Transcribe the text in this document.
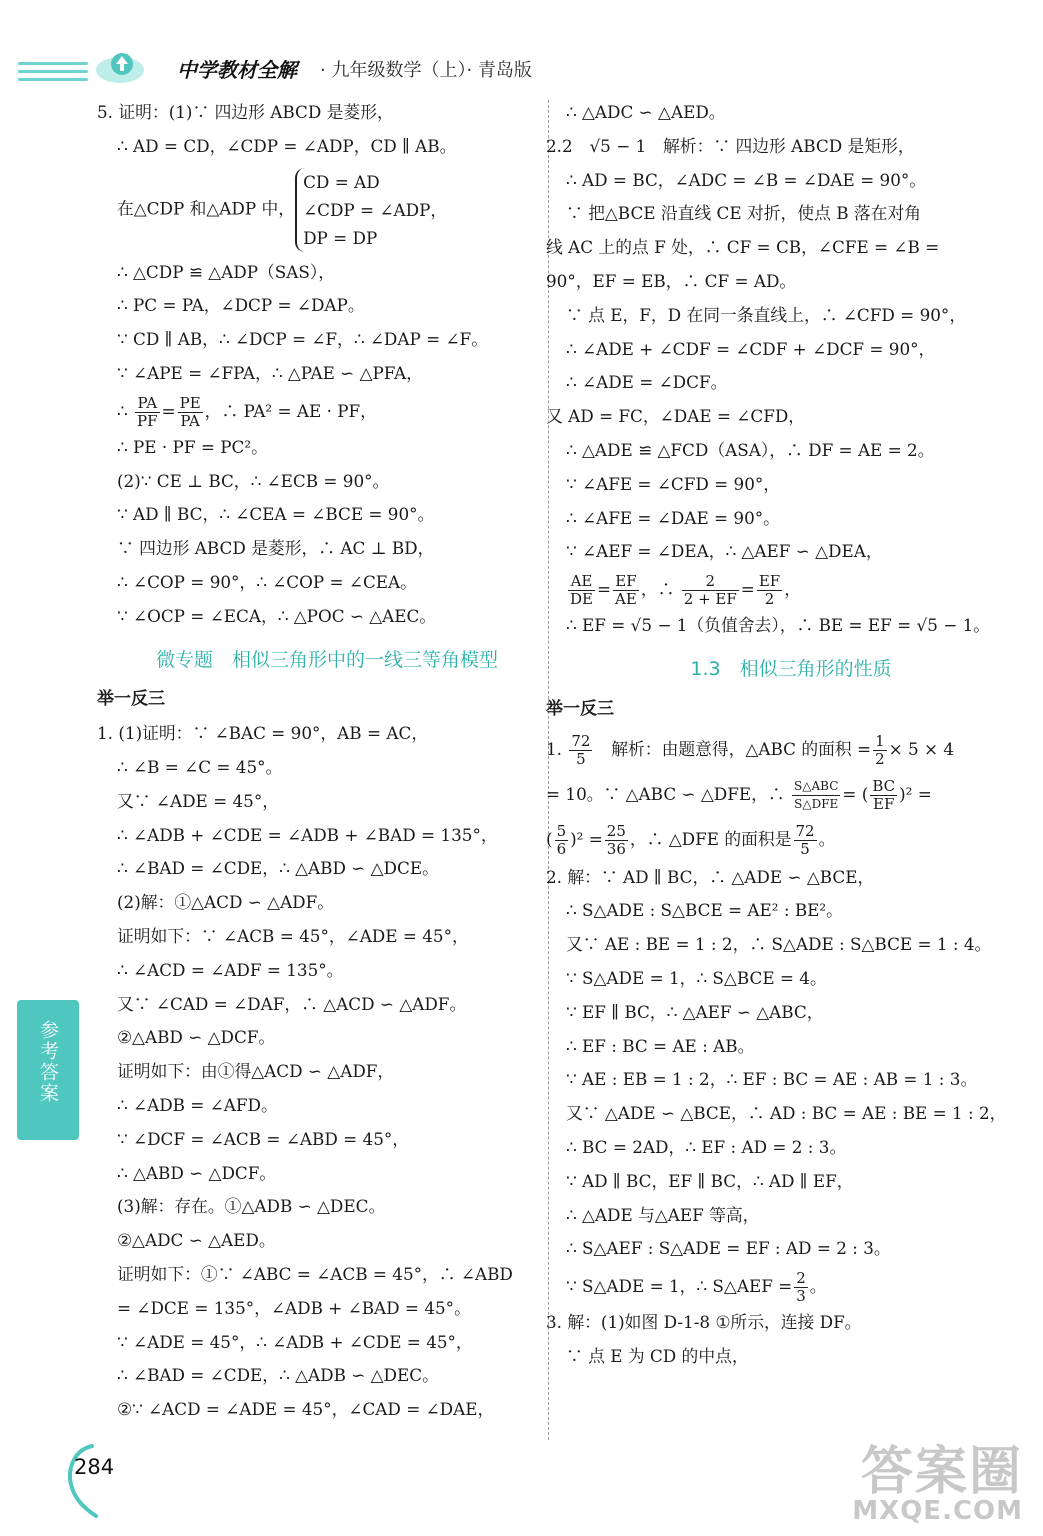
中学教材全解 · 九年级数学（上）· 青岛版
5. 证明：(1)∵ 四边形 ABCD 是菱形，
∴ AD = CD，∠CDP = ∠ADP，CD ∥ AB。
在△CDP 和△ADP 中，
CD = AD
∠CDP = ∠ADP，
DP = DP
∴ △CDP ≌ △ADP（SAS），
∴ PC = PA，∠DCP = ∠DAP。
∵ CD ∥ AB，∴ ∠DCP = ∠F，∴ ∠DAP = ∠F。
∵ ∠APE = ∠FPA，∴ △PAE ∽ △PFA，
∴ $\frac{PA}{PF} = \frac{PE}{PA}$ ，∴ PA² = AE · PF，
∴ PE · PF = PC²。
(2)∵ CE ⊥ BC，∴ ∠ECB = 90°。
∵ AD ∥ BC，∴ ∠CEA = ∠BCE = 90°。
∵ 四边形 ABCD 是菱形，∴ AC ⊥ BD，
∴ ∠COP = 90°，∴ ∠COP = ∠CEA。
∵ ∠OCP = ∠ECA，∴ △POC ∽ △AEC。
微专题　相似三角形中的一线三等角模型
举一反三
1. (1)证明：∵ ∠BAC = 90°，AB = AC，
∴ ∠B = ∠C = 45°。
又∵ ∠ADE = 45°，
∴ ∠ADB + ∠CDE = ∠ADB + ∠BAD = 135°，
∴ ∠BAD = ∠CDE，∴ △ABD ∽ △DCE。
(2)解：①△ACD ∽ △ADF。
证明如下：∵ ∠ACB = 45°，∠ADE = 45°，
∴ ∠ACD = ∠ADF = 135°。
又∵ ∠CAD = ∠DAF，∴ △ACD ∽ △ADF。
②△ABD ∽ △DCF。
证明如下：由①得△ACD ∽ △ADF，
∴ ∠ADB = ∠AFD。
∵ ∠DCF = ∠ACB = ∠ABD = 45°，
∴ △ABD ∽ △DCF。
(3)解：存在。①△ADB ∽ △DEC。
②△ADC ∽ △AED。
证明如下：①∵ ∠ABC = ∠ACB = 45°，∴ ∠ABD
= ∠DCE = 135°，∠ADB + ∠BAD = 45°。
∵ ∠ADE = 45°，∴ ∠ADB + ∠CDE = 45°，
∴ ∠BAD = ∠CDE，∴ △ADB ∽ △DEC。
②∵ ∠ACD = ∠ADE = 45°，∠CAD = ∠DAE，
∴ △ADC ∽ △AED。
2.2　√5 − 1　解析：∵ 四边形 ABCD 是矩形，
∴ AD = BC，∠ADC = ∠B = ∠DAE = 90°。
∵ 把△BCE 沿直线 CE 对折，使点 B 落在对角
线 AC 上的点 F 处，∴ CF = CB，∠CFE = ∠B =
90°，EF = EB，∴ CF = AD。
∵ 点 E，F，D 在同一条直线上，∴ ∠CFD = 90°，
∴ ∠ADE + ∠CDF = ∠CDF + ∠DCF = 90°，
∴ ∠ADE = ∠DCF。
又 AD = FC，∠DAE = ∠CFD，
∴ △ADE ≌ △FCD（ASA），∴ DF = AE = 2。
∵ ∠AFE = ∠CFD = 90°，
∴ ∠AFE = ∠DAE = 90°。
∵ ∠AEF = ∠DEA，∴ △AEF ∽ △DEA，
$\frac{AE}{DE} = \frac{EF}{AE}$ ，∴ $\frac{2}{2 + EF} = \frac{EF}{2}$ ，
∴ EF = √5 − 1（负值舍去），∴ BE = EF = √5 − 1。
1.3　相似三角形的性质
举一反三
1. $\frac{72}{5}$ 　解析：由题意得，△ABC 的面积 = $\frac{1}{2} \times 5 \times 4$
= 10。∵ △ABC ∽ △DFE，∴ $\frac{\text{S△ABC}}{\text{S△DFE}}$ = ( $\frac{BC}{EF} )^2$ =
( $\frac{5}{6} )^2 = \frac{25}{36}$ ，∴ △DFE 的面积是 $\frac{72}{5}$ 。
2. 解：∵ AD ∥ BC，∴ △ADE ∽ △BCE，
∴ S△ADE : S△BCE = AE² : BE²。
又∵ AE : BE = 1 : 2，∴ S△ADE : S△BCE = 1 : 4。
∵ S△ADE = 1，∴ S△BCE = 4。
∵ EF ∥ BC，∴ △AEF ∽ △ABC，
∴ EF : BC = AE : AB。
∵ AE : EB = 1 : 2，∴ EF : BC = AE : AB = 1 : 3。
又∵ △ADE ∽ △BCE，∴ AD : BC = AE : BE = 1 : 2，
∴ BC = 2AD，∴ EF : AD = 2 : 3。
∵ AD ∥ BC，EF ∥ BC，∴ AD ∥ EF，
∴ △ADE 与△AEF 等高，
∴ S△AEF : S△ADE = EF : AD = 2 : 3。
∵ S△ADE = 1，∴ S△AEF = $\frac{2}{3}$ 。
3. 解：(1)如图 D-1-8 ①所示，连接 DF。
∵ 点 E 为 CD 的中点，
参考答案
284	答案圈
MXQE.COM
